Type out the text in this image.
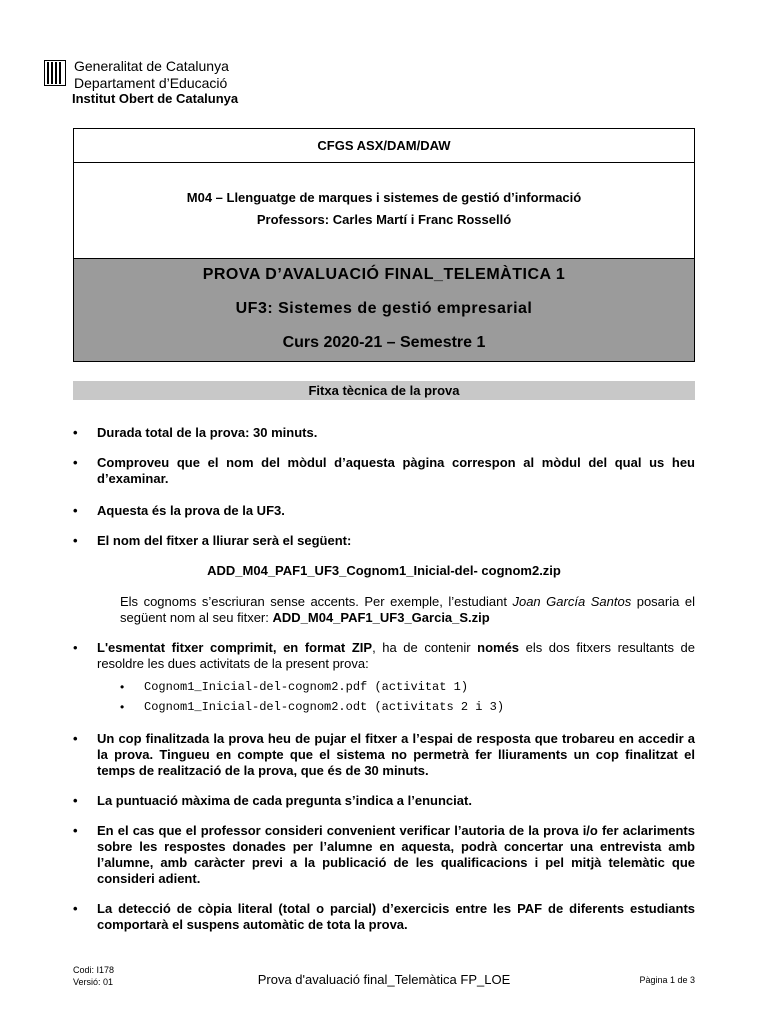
Generalitat de Catalunya
Departament d’Educació
Institut Obert de Catalunya
CFGS ASX/DAM/DAW
M04 – Llenguatge de marques i sistemes de gestió d’informació
Professors: Carles Martí i Franc Rosselló
PROVA D’AVALUACIÓ FINAL_TELEMÀTICA 1
UF3: Sistemes de gestió empresarial
Curs 2020-21 – Semestre 1
Fitxa tècnica de la prova
• Durada total de la prova: 30 minuts.
• Comproveu que el nom del mòdul d’aquesta pàgina correspon al mòdul del qual us heu d’examinar.
• Aquesta és la prova de la UF3.
• El nom del fitxer a lliurar serà el següent:
ADD_M04_PAF1_UF3_Cognom1_Inicial-del- cognom2.zip
Els cognoms s’escriuran sense accents. Per exemple, l’estudiant Joan García Santos posaria el següent nom al seu fitxer: ADD_M04_PAF1_UF3_Garcia_S.zip
• L'esmentat fitxer comprimit, en format ZIP, ha de contenir només els dos fitxers resultants de resoldre les dues activitats de la present prova:
• Cognom1_Inicial-del-cognom2.pdf (activitat 1)
• Cognom1_Inicial-del-cognom2.odt (activitats 2 i 3)
• Un cop finalitzada la prova heu de pujar el fitxer a l’espai de resposta que trobareu en accedir a la prova. Tingueu en compte que el sistema no permetrà fer lliuraments un cop finalitzat el temps de realització de la prova, que és de 30 minuts.
• La puntuació màxima de cada pregunta s’indica a l’enunciat.
• En el cas que el professor consideri convenient verificar l’autoria de la prova i/o fer aclariments sobre les respostes donades per l’alumne en aquesta, podrà concertar una entrevista amb l’alumne, amb caràcter previ a la publicació de les qualificacions i pel mitjà telemàtic que consideri adient.
• La detecció de còpia literal (total o parcial) d’exercicis entre les PAF de diferents estudiants comportarà el suspens automàtic de tota la prova.
Codi: I178
Versió: 01	Prova d'avaluació final_Telemàtica FP_LOE	Pàgina 1 de 3
